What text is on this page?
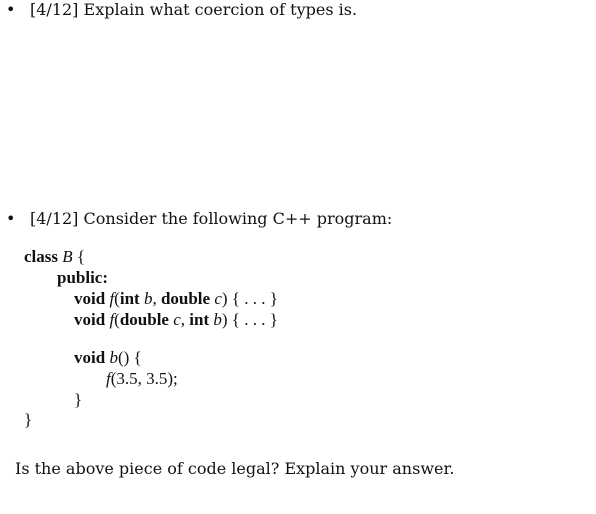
• [4/12] Explain what coercion of types is.
• [4/12] Consider the following C++ program:
class B {
public:
void f(int b, double c) { . . . }
void f(double c, int b) { . . . }
void b() {
f(3.5, 3.5);
}
}
Is the above piece of code legal? Explain your answer.
